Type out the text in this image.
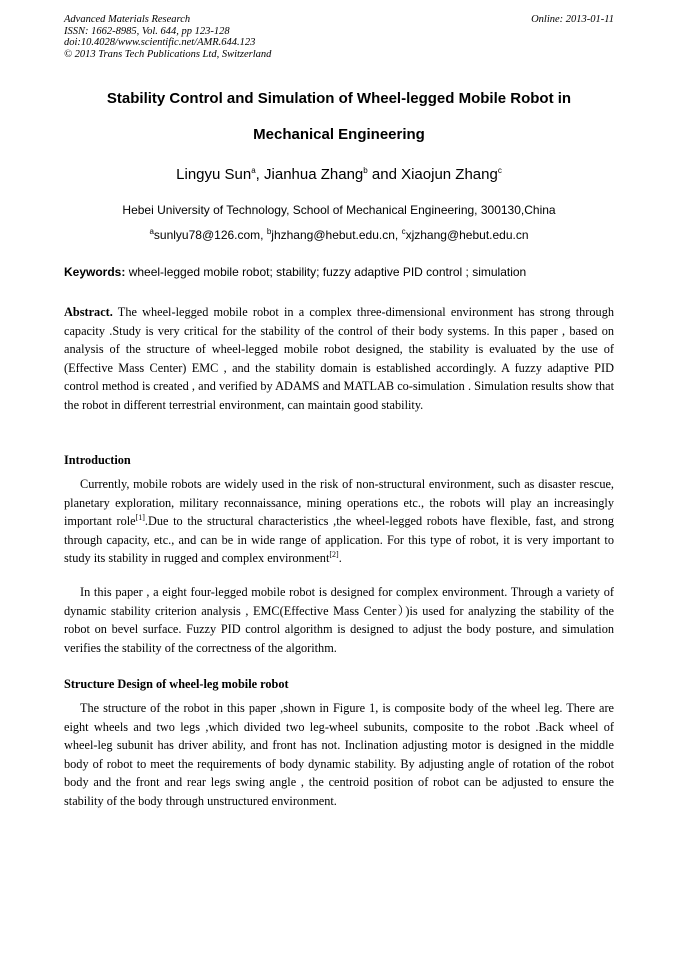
Advanced Materials Research
ISSN: 1662-8985, Vol. 644, pp 123-128
doi:10.4028/www.scientific.net/AMR.644.123
© 2013 Trans Tech Publications Ltd, Switzerland
Online: 2013-01-11
Stability Control and Simulation of Wheel-legged Mobile Robot in
Mechanical Engineering
Lingyu Sun$^a$, Jianhua Zhang$^b$ and Xiaojun Zhang$^c$
Hebei University of Technology, School of Mechanical Engineering, 300130,China
$^a$sunlyu78@126.com, $^b$jhzhang@hebut.edu.cn, $^c$xjzhang@hebut.edu.cn
Keywords: wheel-legged mobile robot; stability; fuzzy adaptive PID control ; simulation

Abstract. The wheel-legged mobile robot in a complex three-dimensional environment has strong through capacity .Study is very critical for the stability of the control of their body systems. In this paper , based on analysis of the structure of wheel-legged mobile robot designed, the stability is evaluated by the use of (Effective Mass Center) EMC , and the stability domain is established accordingly. A fuzzy adaptive PID control method is created , and verified by ADAMS and MATLAB co-simulation . Simulation results show that the robot in different terrestrial environment, can maintain good stability.

Introduction

Currently, mobile robots are widely used in the risk of non-structural environment, such as disaster rescue, planetary exploration, military reconnaissance, mining operations etc., the robots will play an increasingly important role[1].Due to the structural characteristics ,the wheel-legged robots have flexible, fast, and strong through capacity, etc., and can be in wide range of application. For this type of robot, it is very important to study its stability in rugged and complex environment[2].

In this paper , a eight four-legged mobile robot is designed for complex environment. Through a variety of dynamic stability criterion analysis , EMC(Effective Mass Center）)is used for analyzing the stability of the robot on bevel surface. Fuzzy PID control algorithm is designed to adjust the body posture, and simulation verifies the stability of the correctness of the algorithm.

Structure Design of wheel-leg mobile robot

The structure of the robot in this paper ,shown in Figure 1, is composite body of the wheel leg. There are eight wheels and two legs ,which divided two leg-wheel subunits, composite to the robot .Back wheel of wheel-leg subunit has driver ability, and front has not. Inclination adjusting motor is designed in the middle body of robot to meet the requirements of body dynamic stability. By adjusting angle of rotation of the robot body and the front and rear legs swing angle , the centroid position of robot can be adjusted to ensure the stability of the body through unstructured environment.
